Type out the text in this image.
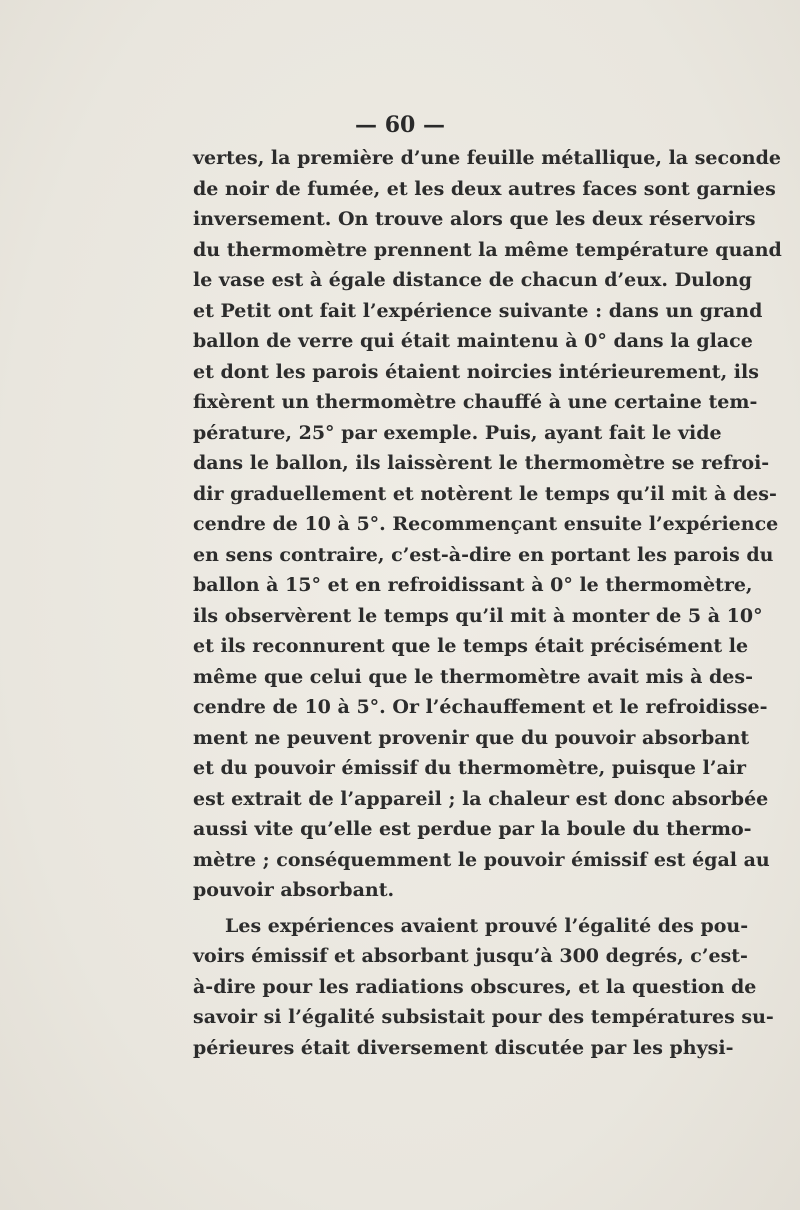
— 60 —
vertes, la première d’une feuille métallique, la seconde
de noir de fumée, et les deux autres faces sont garnies
inversement. On trouve alors que les deux réservoirs
du thermomètre prennent la même température quand
le vase est à égale distance de chacun d’eux. Dulong
et Petit ont fait l’expérience suivante : dans un grand
ballon de verre qui était maintenu à 0° dans la glace
et dont les parois étaient noircies intérieurement, ils
fixèrent un thermomètre chauffé à une certaine tem-
pérature, 25° par exemple. Puis, ayant fait le vide
dans le ballon, ils laissèrent le thermomètre se refroi-
dir graduellement et notèrent le temps qu’il mit à des-
cendre de 10 à 5°. Recommençant ensuite l’expérience
en sens contraire, c’est-à-dire en portant les parois du
ballon à 15° et en refroidissant à 0° le thermomètre,
ils observèrent le temps qu’il mit à monter de 5 à 10°
et ils reconnurent que le temps était précisément le
même que celui que le thermomètre avait mis à des-
cendre de 10 à 5°. Or l’échauffement et le refroidisse-
ment ne peuvent provenir que du pouvoir absorbant
et du pouvoir émissif du thermomètre, puisque l’air
est extrait de l’appareil ; la chaleur est donc absorbée
aussi vite qu’elle est perdue par la boule du thermo-
mètre ; conséquemment le pouvoir émissif est égal au
pouvoir absorbant.
Les expériences avaient prouvé l’égalité des pou-
voirs émissif et absorbant jusqu’à 300 degrés, c’est-
à-dire pour les radiations obscures, et la question de
savoir si l’égalité subsistait pour des températures su-
périeures était diversement discutée par les physi-
